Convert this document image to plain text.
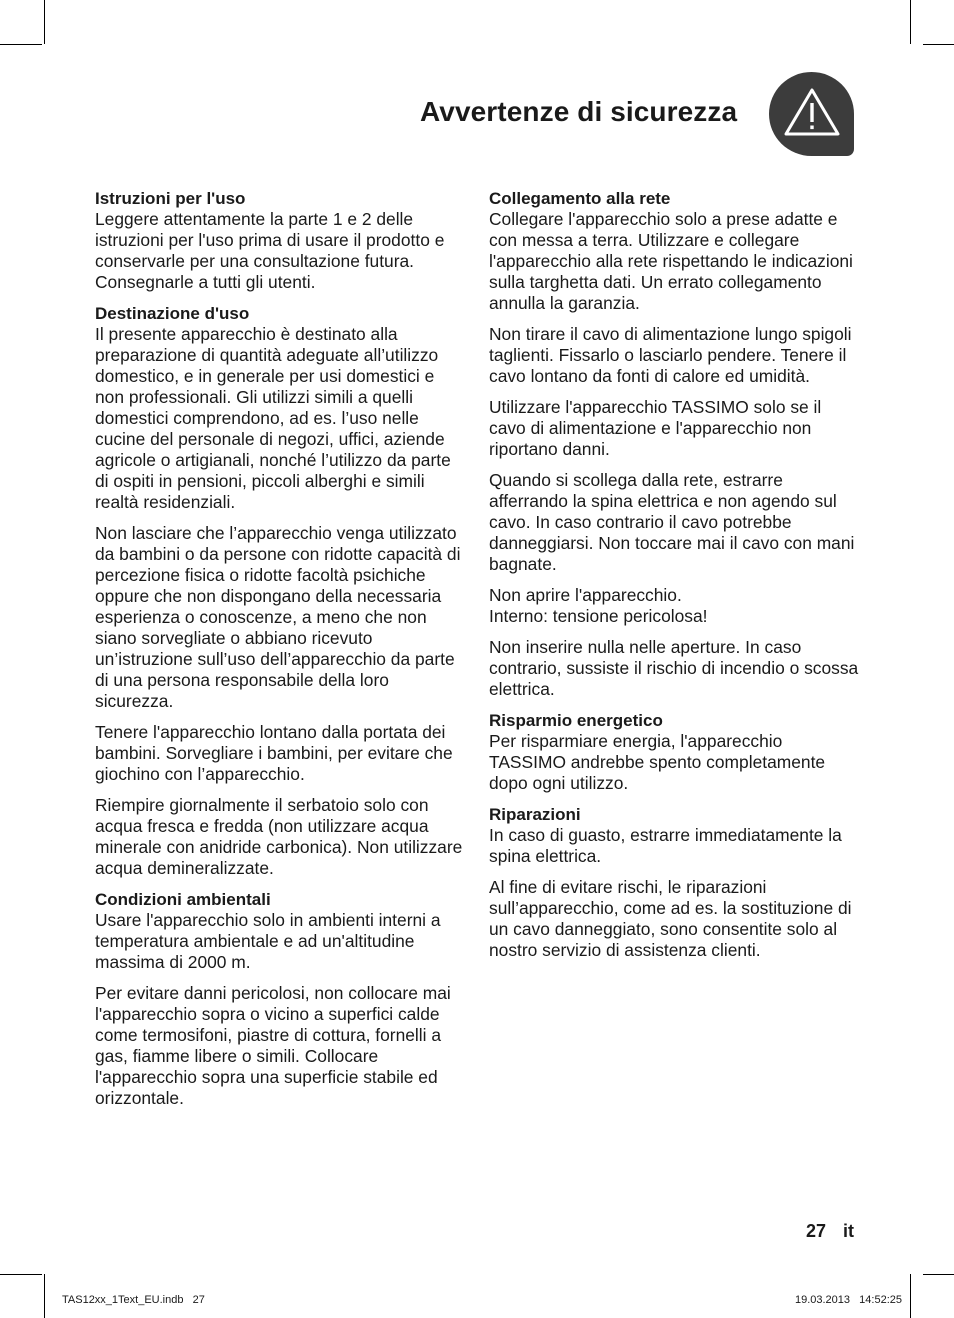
Avvertenze di sicurezza
Istruzioni per l'uso

Leggere attentamente la parte 1 e 2 delle istruzioni per l'uso prima di usare il prodotto e conservarle per una consultazione futura. Consegnarle a tutti gli utenti.

Destinazione d'uso

Il presente apparecchio è destinato alla preparazione di quantità adeguate all’utilizzo domestico, e in generale per usi domestici e non professionali. Gli utilizzi simili a quelli domestici comprendono, ad es. l’uso nelle cucine del personale di negozi, uffici, aziende agricole o artigianali, nonché l’utilizzo da parte di ospiti in pensioni, piccoli alberghi e simili realtà residenziali.

Non lasciare che l’apparecchio venga utilizzato da bambini o da persone con ridotte capacità di percezione fisica o ridotte facoltà psichiche oppure che non dispongano della necessaria esperienza o conoscenze, a meno che non siano sorvegliate o abbiano ricevuto un’istruzione sull’uso dell’apparecchio da parte di una persona responsabile della loro sicurezza.

Tenere l'apparecchio lontano dalla portata dei bambini. Sorvegliare i bambini, per evitare che giochino con l’apparecchio.

Riempire giornalmente il serbatoio solo con acqua fresca e fredda (non utilizzare acqua minerale con anidride carbonica). Non utilizzare acqua demineralizzate.

Condizioni ambientali

Usare l'apparecchio solo in ambienti interni a temperatura ambientale e ad un'altitudine massima di 2000 m.

Per evitare danni pericolosi, non collocare mai l'apparecchio sopra o vicino a superfici calde come termosifoni, piastre di cottura, fornelli a gas, fiamme libere o simili. Collocare l'apparecchio sopra una superficie stabile ed orizzontale.

Collegamento alla rete

Collegare l'apparecchio solo a prese adatte e con messa a terra. Utilizzare e collegare l'apparecchio alla rete rispettando le indicazioni sulla targhetta dati. Un errato collegamento annulla la garanzia.

Non tirare il cavo di alimentazione lungo spigoli taglienti. Fissarlo o lasciarlo pendere. Tenere il cavo lontano da fonti di calore ed umidità.

Utilizzare l'apparecchio TASSIMO solo se il cavo di alimentazione e l'apparecchio non riportano danni.

Quando si scollega dalla rete, estrarre afferrando la spina elettrica e non agendo sul cavo. In caso contrario il cavo potrebbe danneggiarsi. Non toccare mai il cavo con mani bagnate.

Non aprire l'apparecchio.
Interno: tensione pericolosa!

Non inserire nulla nelle aperture. In caso contrario, sussiste il rischio di incendio o scossa elettrica.

Risparmio energetico

Per risparmiare energia, l'apparecchio TASSIMO andrebbe spento completamente dopo ogni utilizzo.

Riparazioni

In caso di guasto, estrarre immediatamente la spina elettrica.

Al fine di evitare rischi, le riparazioni sull’apparecchio, come ad es. la sostituzione di un cavo danneggiato, sono consentite solo al nostro servizio di assistenza clienti.

27 it
TAS12xx_1Text_EU.indb   27	19.03.2013   14:52:25
